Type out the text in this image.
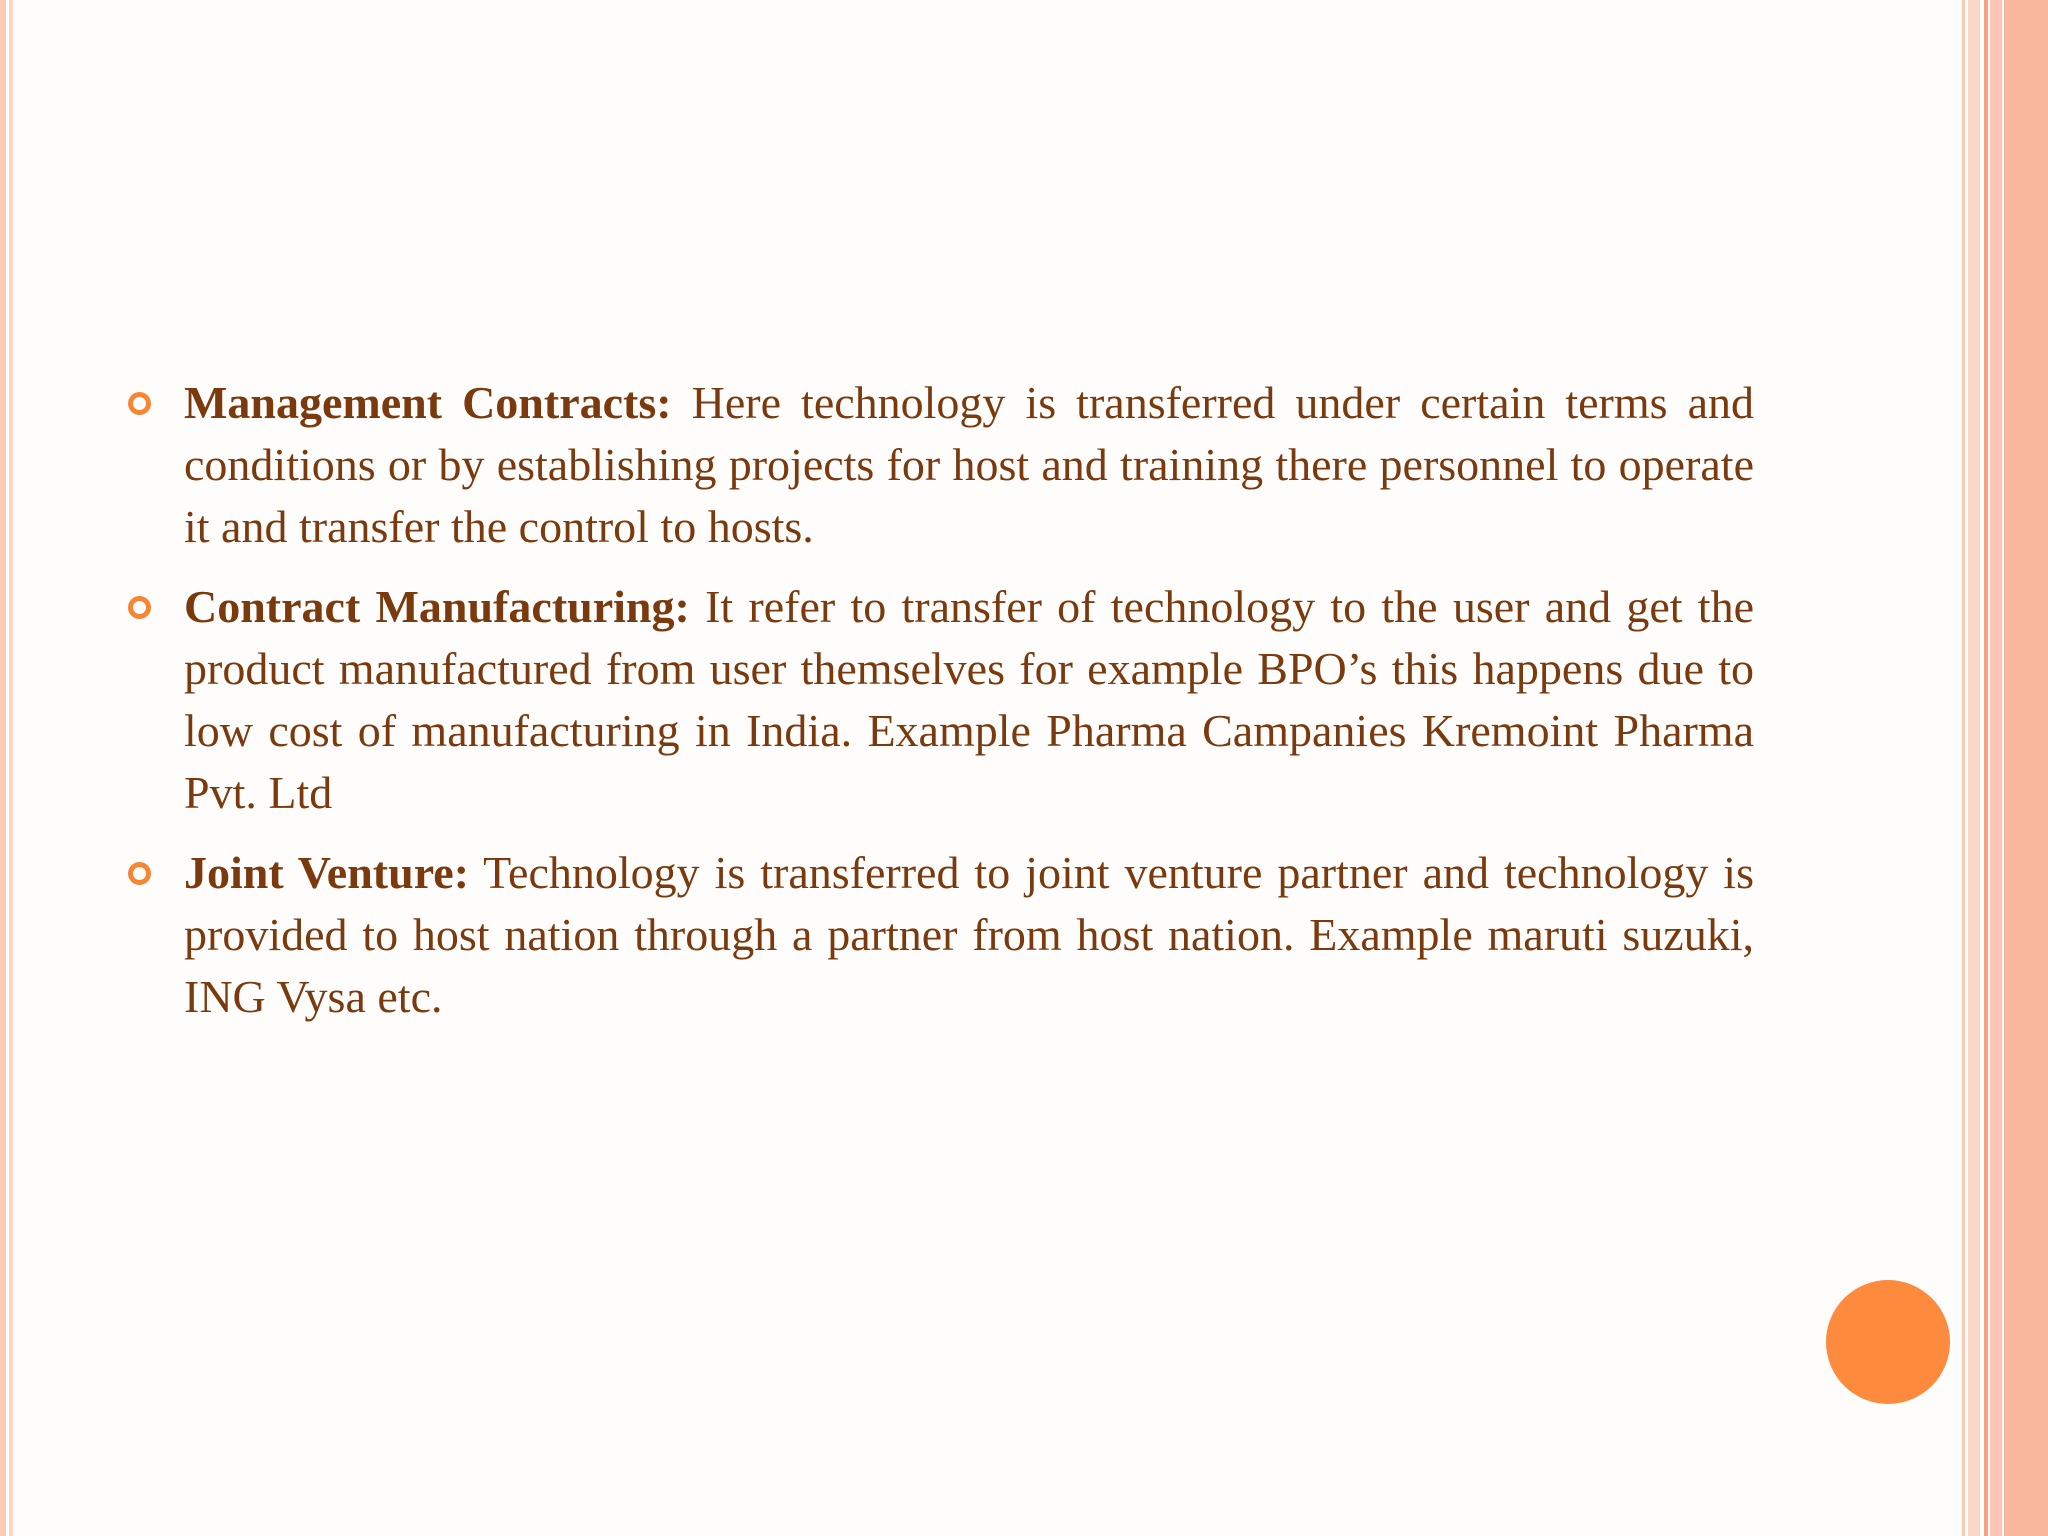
Management Contracts: Here technology is transferred under certain terms and conditions or by establishing projects for host and training there personnel to operate it and transfer the control to hosts.
Contract Manufacturing: It refer to transfer of technology to the user and get the product manufactured from user themselves for example BPO’s this happens due to low cost of manufacturing in India. Example Pharma Campanies Kremoint Pharma Pvt. Ltd
Joint Venture: Technology is transferred to joint venture partner and technology is provided to host nation through a partner from host nation. Example maruti suzuki, ING Vysa etc.
